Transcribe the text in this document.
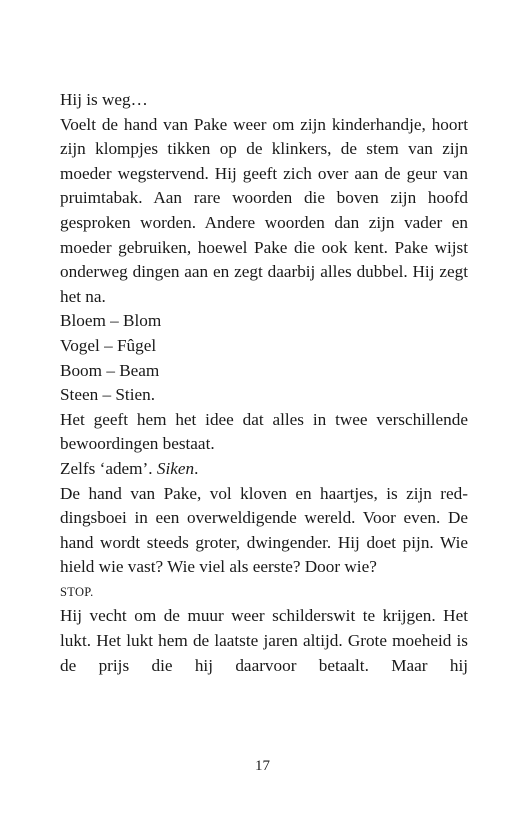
Hij is weg…

Voelt de hand van Pake weer om zijn kinderhandje, hoort zijn klompjes tikken op de klinkers, de stem van zijn moeder wegstervend. Hij geeft zich over aan de geur van pruimtabak. Aan rare woorden die boven zijn hoofd gesproken worden. Andere woorden dan zijn vader en moeder gebruiken, hoewel Pake die ook kent. Pake wijst onderweg dingen aan en zegt daarbij alles dubbel. Hij zegt het na.

Bloem – Blom

Vogel – Fûgel

Boom – Beam

Steen – Stien.

Het geeft hem het idee dat alles in twee verschillende bewoordingen bestaat.

Zelfs ‘adem’. Siken.

De hand van Pake, vol kloven en haartjes, is zijn reddingsboei in een overweldigende wereld. Voor even. De hand wordt steeds groter, dwingender. Hij doet pijn. Wie hield wie vast? Wie viel als eerste? Door wie?

STOP.

Hij vecht om de muur weer schilderswit te krijgen. Het lukt. Het lukt hem de laatste jaren altijd. Grote moeheid is de prijs die hij daarvoor betaalt. Maar hij

17
